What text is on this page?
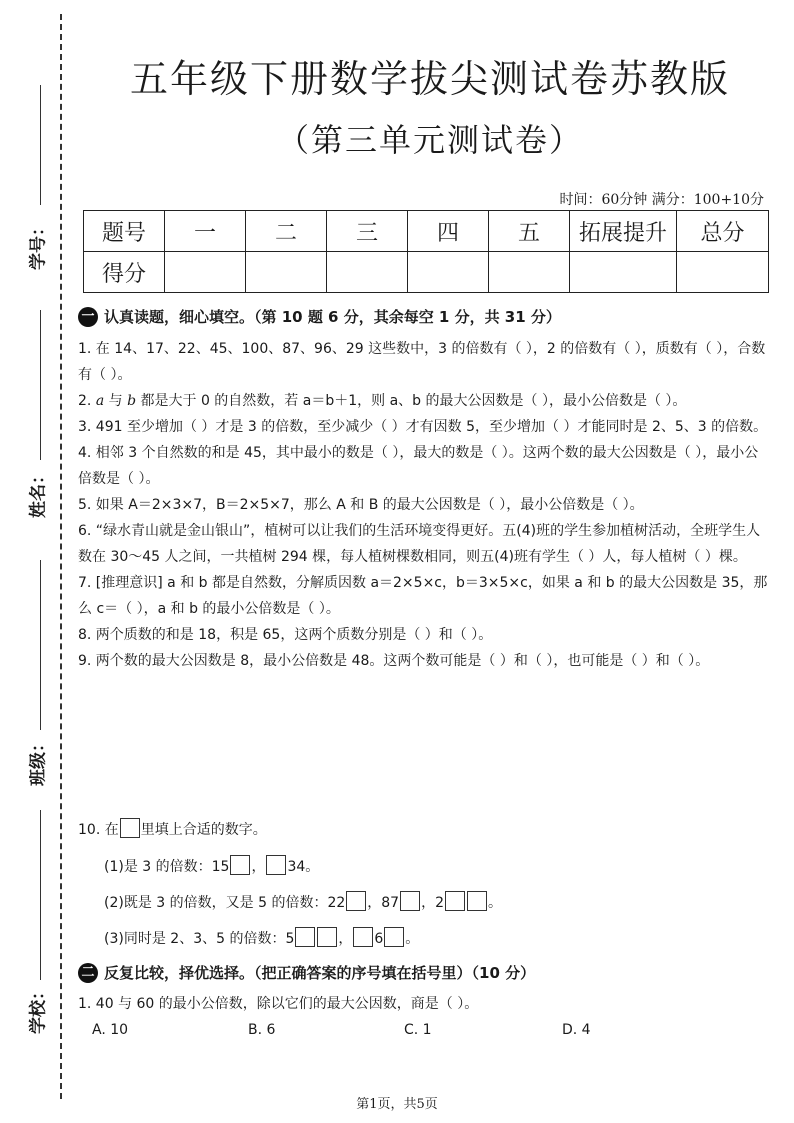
学号：
姓名：
班级：
学校：
五年级下册数学拔尖测试卷苏教版
（第三单元测试卷）
时间：60分钟 满分：100+10分
题号	一	二	三	四	五	拓展提升	总分
得分							
一 认真读题，细心填空。（第 10 题 6 分，其余每空 1 分，共 31 分）

1. 在 14、17、22、45、100、87、96、29 这些数中，3 的倍数有（ ），2 的倍数有（ ），质数有（ ），合数有（ ）。

2. a 与 b 都是大于 0 的自然数，若 a＝b＋1，则 a、b 的最大公因数是（ ），最小公倍数是（ ）。

3. 491 至少增加（ ）才是 3 的倍数，至少减少（ ）才有因数 5，至少增加（ ）才能同时是 2、5、3 的倍数。

4. 相邻 3 个自然数的和是 45，其中最小的数是（ ），最大的数是（ ）。这两个数的最大公因数是（ ），最小公倍数是（ ）。

5. 如果 A＝2×3×7，B＝2×5×7，那么 A 和 B 的最大公因数是（ ），最小公倍数是（ ）。

6. “绿水青山就是金山银山”，植树可以让我们的生活环境变得更好。五(4)班的学生参加植树活动，全班学生人数在 30～45 人之间，一共植树 294 棵，每人植树棵数相同，则五(4)班有学生（ ）人，每人植树（ ）棵。

7. [推理意识] a 和 b 都是自然数，分解质因数 a＝2×5×c，b＝3×5×c，如果 a 和 b 的最大公因数是 35，那么 c＝（ ），a 和 b 的最小公倍数是（ ）。

8. 两个质数的和是 18，积是 65，这两个质数分别是（ ）和（ ）。

9. 两个数的最大公因数是 8，最小公倍数是 48。这两个数可能是（ ）和（ ），也可能是（ ）和（ ）。

10. 在 里填上合适的数字。
(1)是 3 的倍数：15 ， 34。
(2)既是 3 的倍数，又是 5 的倍数：22 ，87 ，2	。
(3)同时是 2、3、5 的倍数：5	， 6 。
二 反复比较，择优选择。（把正确答案的序号填在括号里）（10 分）
1. 40 与 60 的最小公倍数，除以它们的最大公因数，商是（ ）。
A. 10	B. 6	C. 1	D. 4
第1页，共5页
